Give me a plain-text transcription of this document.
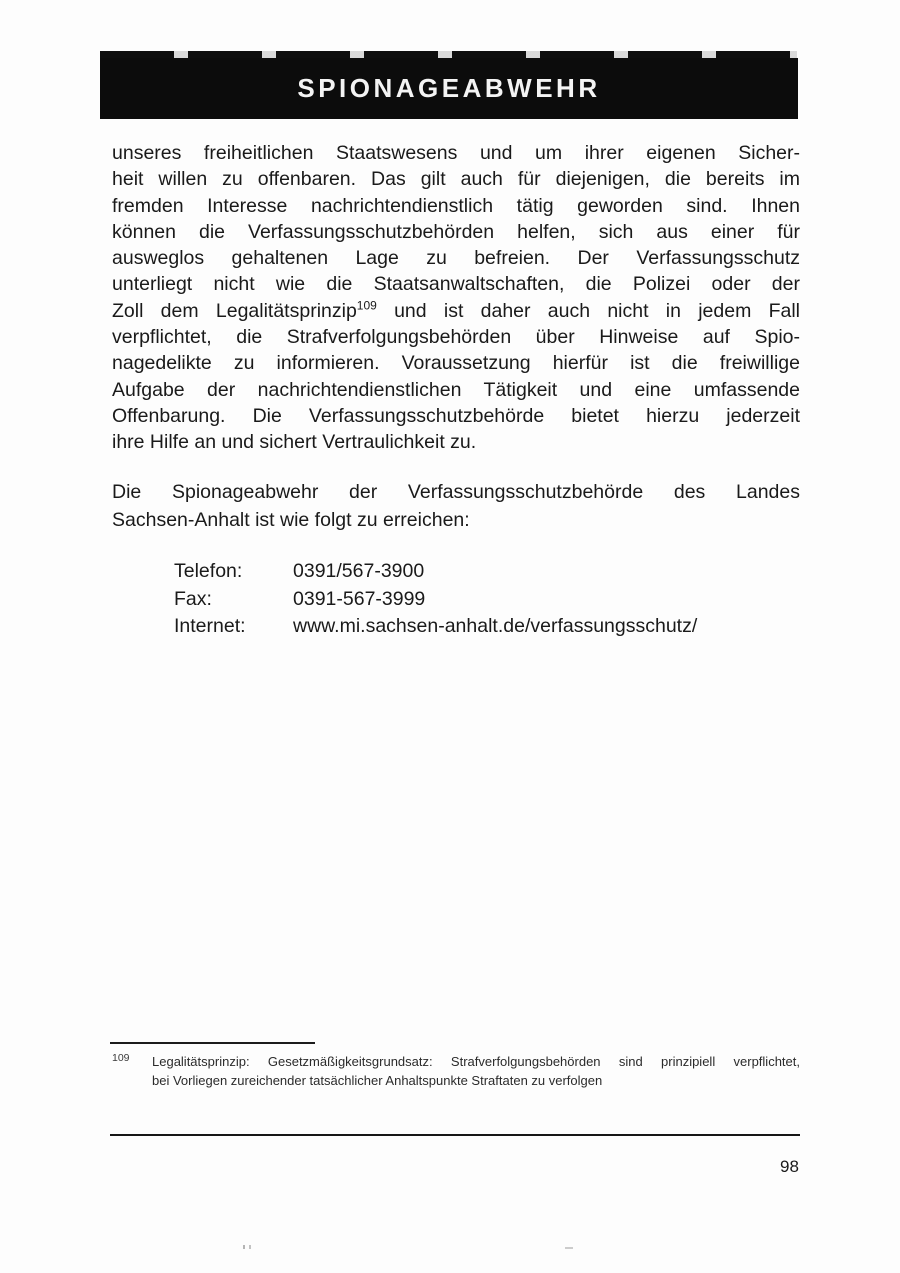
SPIONAGEABWEHR
unseres freiheitlichen Staatswesens und um ihrer eigenen Sicher-
heit willen zu offenbaren. Das gilt auch für diejenigen, die bereits im
fremden Interesse nachrichtendienstlich tätig geworden sind. Ihnen
können die Verfassungsschutzbehörden helfen, sich aus einer für
ausweglos gehaltenen Lage zu befreien. Der Verfassungsschutz
unterliegt nicht wie die Staatsanwaltschaften, die Polizei oder der
Zoll dem Legalitätsprinzip$^{109}$ und ist daher auch nicht in jedem Fall
verpflichtet, die Strafverfolgungsbehörden über Hinweise auf Spio-
nagedelikte zu informieren. Voraussetzung hierfür ist die freiwillige
Aufgabe der nachrichtendienstlichen Tätigkeit und eine umfassende
Offenbarung. Die Verfassungsschutzbehörde bietet hierzu jederzeit
ihre Hilfe an und sichert Vertraulichkeit zu.
Die Spionageabwehr der Verfassungsschutzbehörde des Landes
Sachsen-Anhalt ist wie folgt zu erreichen:
Telefon:	0391/567-3900
Fax:	0391-567-3999
Internet:	www.mi.sachsen-anhalt.de/verfassungsschutz/
109 Legalitätsprinzip: Gesetzmäßigkeitsgrundsatz: Strafverfolgungsbehörden sind prinzipiell verpflichtet,
bei Vorliegen zureichender tatsächlicher Anhaltspunkte Straftaten zu verfolgen
98
